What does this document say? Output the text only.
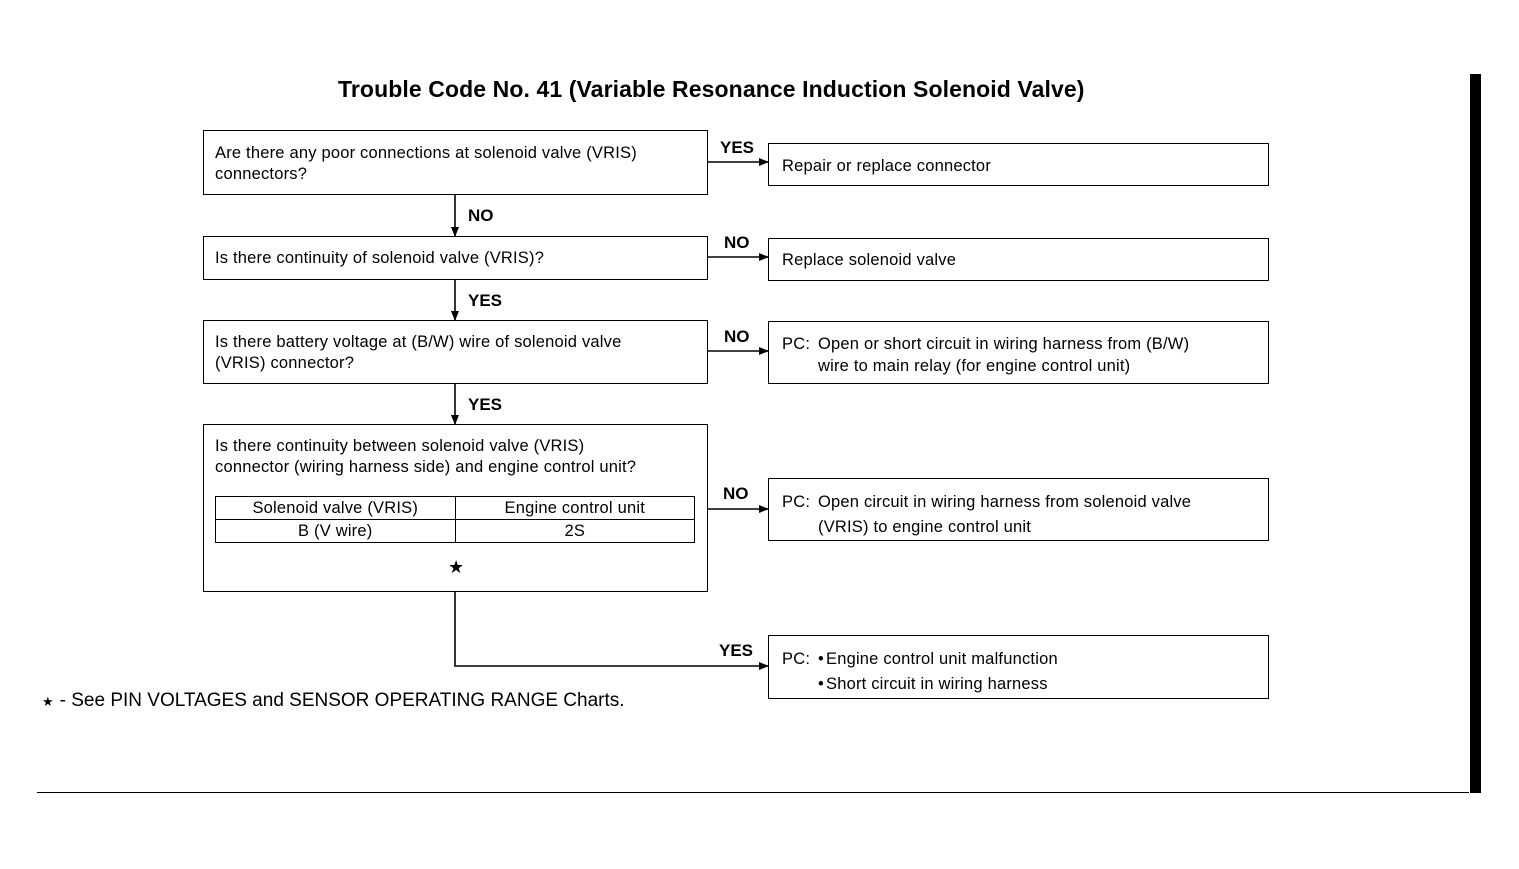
Trouble Code No. 41 (Variable Resonance Induction Solenoid Valve)
Are there any poor connections at solenoid valve (VRIS)
connectors?
YES
Repair or replace connector
NO
Is there continuity of solenoid valve (VRIS)?
NO
Replace solenoid valve
YES
Is there battery voltage at (B/W) wire of solenoid valve
(VRIS) connector?
NO PC: Open or short circuit in wiring harness from (B/W)
wire to main relay (for engine control unit)
YES
Is there continuity between solenoid valve (VRIS)
connector (wiring harness side) and engine control unit?
Solenoid valve (VRIS)	Engine control unit
B (V wire)	2S
★
NO PC: Open circuit in wiring harness from solenoid valve
(VRIS) to engine control unit
YES PC: • Engine control unit malfunction
• Short circuit in wiring harness
★ - See PIN VOLTAGES and SENSOR OPERATING RANGE Charts.
